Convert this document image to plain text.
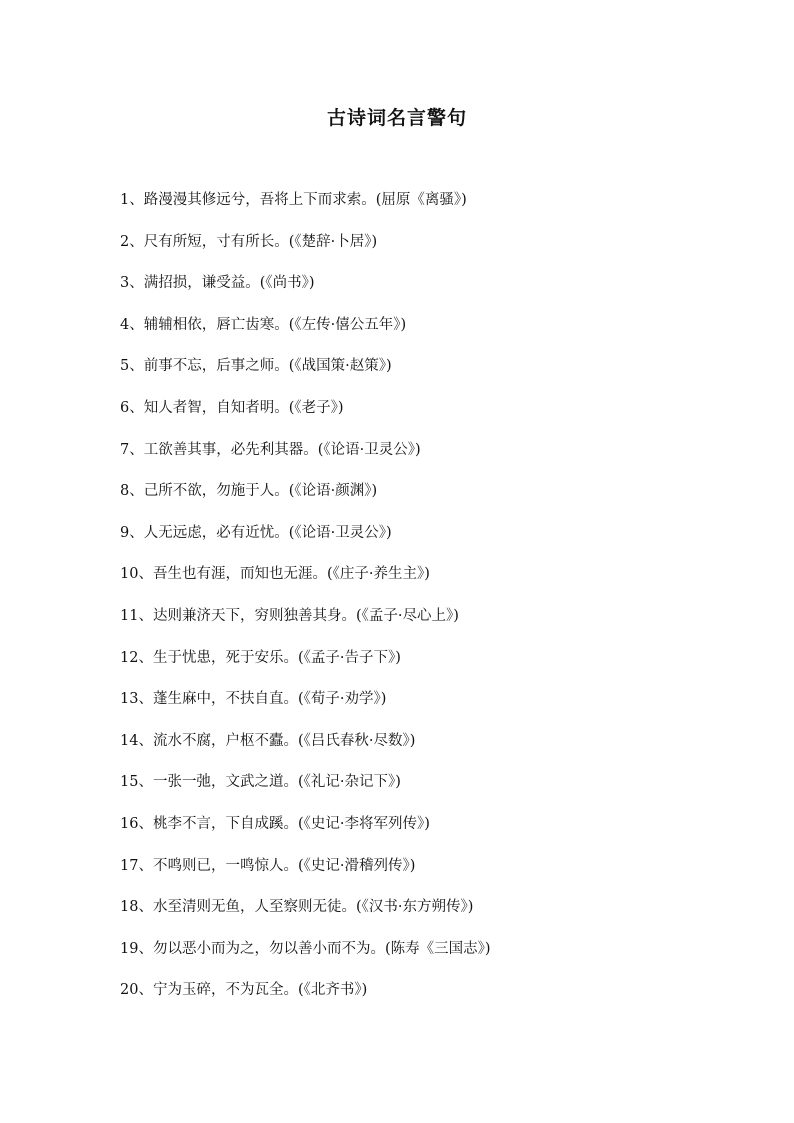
古诗词名言警句
1、路漫漫其修远兮，吾将上下而求索。(屈原《离骚》)
2、尺有所短，寸有所长。(《楚辞·卜居》)
3、满招损，谦受益。(《尚书》)
4、辅辅相依，唇亡齿寒。(《左传·僖公五年》)
5、前事不忘，后事之师。(《战国策·赵策》)
6、知人者智，自知者明。(《老子》)
7、工欲善其事，必先利其器。(《论语·卫灵公》)
8、己所不欲，勿施于人。(《论语·颜渊》)
9、人无远虑，必有近忧。(《论语·卫灵公》)
10、吾生也有涯，而知也无涯。(《庄子·养生主》)
11、达则兼济天下，穷则独善其身。(《孟子·尽心上》)
12、生于忧患，死于安乐。(《孟子·告子下》)
13、蓬生麻中，不扶自直。(《荀子·劝学》)
14、流水不腐，户枢不蠹。(《吕氏春秋·尽数》)
15、一张一弛，文武之道。(《礼记·杂记下》)
16、桃李不言，下自成蹊。(《史记·李将军列传》)
17、不鸣则已，一鸣惊人。(《史记·滑稽列传》)
18、水至清则无鱼，人至察则无徒。(《汉书·东方朔传》)
19、勿以恶小而为之，勿以善小而不为。(陈寿《三国志》)
20、宁为玉碎，不为瓦全。(《北齐书》)
